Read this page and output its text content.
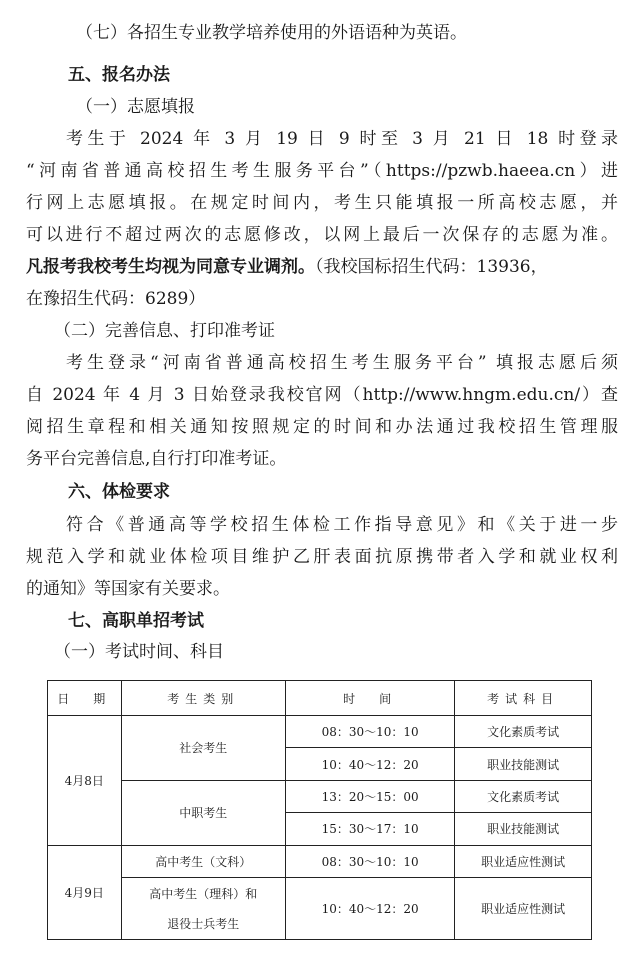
（七）各招生专业教学培养使用的外语语种为英语。
五、报名办法
（一）志愿填报
考生于 2024 年 3 月 19 日 9 时至 3 月 21 日 18 时登录
“河南省普通高校招生考生服务平台”（https://pzwb.haeea.cn）进
行网上志愿填报。在规定时间内，考生只能填报一所高校志愿，并
可以进行不超过两次的志愿修改，以网上最后一次保存的志愿为准。
凡报考我校考生均视为同意专业调剂。（我校国标招生代码：13936，
在豫招生代码：6289）
（二）完善信息、打印准考证
考生登录“河南省普通高校招生考生服务平台” 填报志愿后须
自 2024 年 4 月 3 日始登录我校官网（http://www.hngm.edu.cn/）查
阅招生章程和相关通知按照规定的时间和办法通过我校招生管理服
务平台完善信息,自行打印准考证。
六、体检要求
符合《普通高等学校招生体检工作指导意见》和《关于进一步
规范入学和就业体检项目维护乙肝表面抗原携带者入学和就业权利
的通知》等国家有关要求。
七、高职单招考试
（一）考试时间、科目
日　期	考生类别	时　间	考试科目
4月8日	社会考生	08：30～10：10	文化素质考试
		10：40～12：20	职业技能测试
	中职考生	13：20～15：00	文化素质考试
		15：30～17：10	职业技能测试
4月9日	高中考生（文科）	08：30～10：10	职业适应性测试

	高中考生（理科）和
退役士兵考生	10：40～12：20	职业适应性测试
